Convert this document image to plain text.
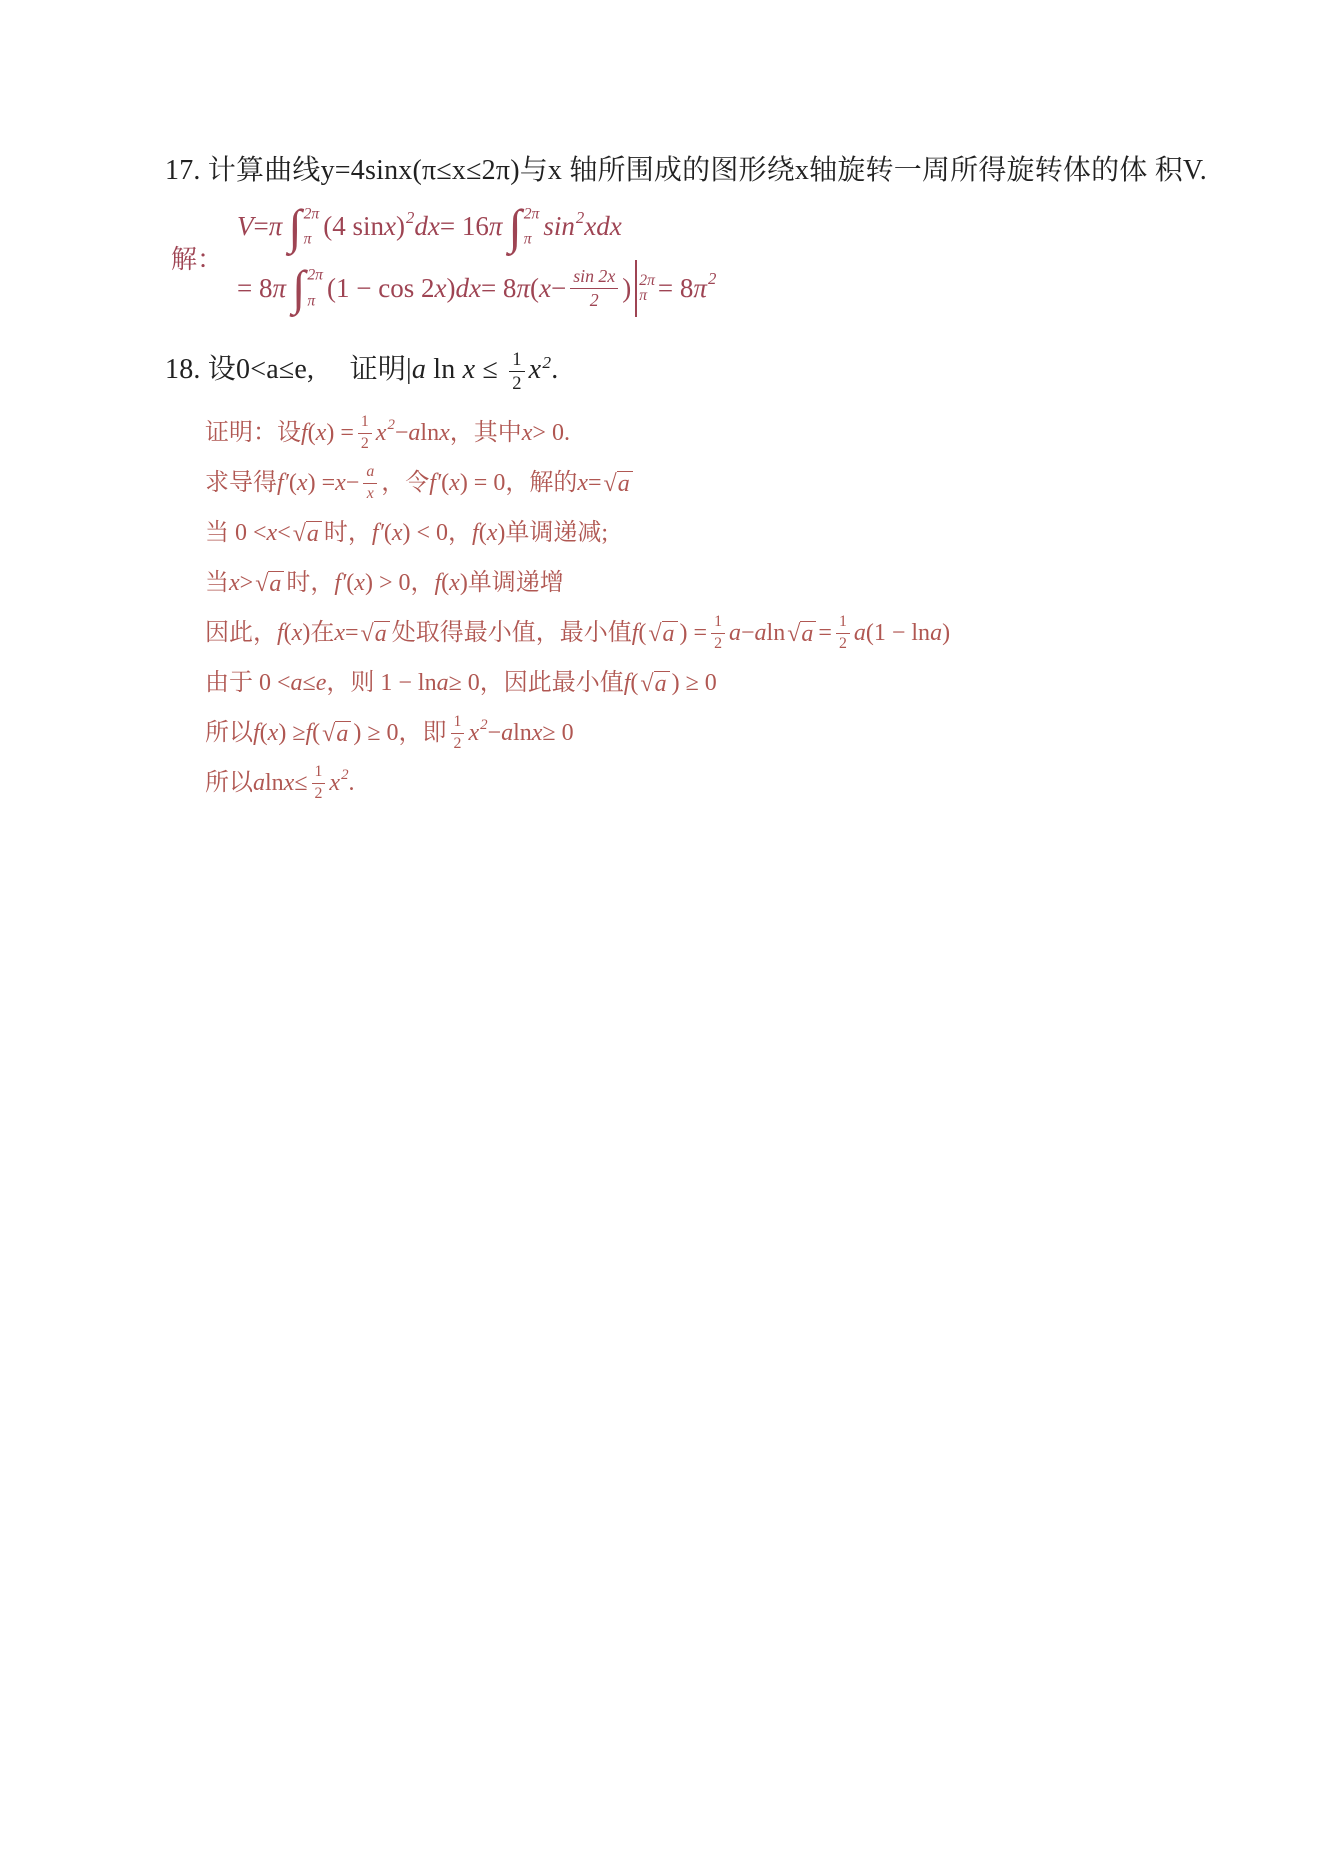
17. 计算曲线y=4sinx(π≤x≤2π)与x 轴所围成的图形绕x轴旋转一周所得旋转体的体 积V.
解：
V = π ∫ 2π
π (4 sin x ) 2 dx = 16 π ∫ 2π
π sin 2 xdx
= 8 π ∫ 2π
π (1 − cos 2 x ) dx = 8 π ( $x - \frac{\sin 2x}{2}$ ) 2π
π = 8 π 2
18. 设0<a≤e,  证明|a $\ln x \le \frac{1}{2} x^2$.
证明：设 f ( x ) = $\frac{1}{2}$ x 2 − a ln x ，其中 x > 0.
求导得 f′ ( x ) = $x - \frac{a}{x}$ ，令 f′ ( x ) = 0，解的 x = √ a
当 0 < x < √ a 时， f′ ( x ) < 0， f ( x )单调递减;
当 x > √ a 时， f′ ( x ) > 0， f ( x )单调递增
因此， f ( x )在 x = √ a 处取得最小值，最小值 f ( √ a ) = $\frac{1}{2}$ a − a ln √ $a = \frac{1}{2}$ a (1 − ln a )
由于 0 < a ≤ e ，则 1 − ln a ≥ 0，因此最小值 f ( √ a ) ≥ 0
所以 f ( x ) ≥ f ( √ a ) ≥ 0，即 $\frac{1}{2}$ x 2 − a ln x ≥ 0
所以 a $\ln x \le \frac{1}{2}$ x 2 .
